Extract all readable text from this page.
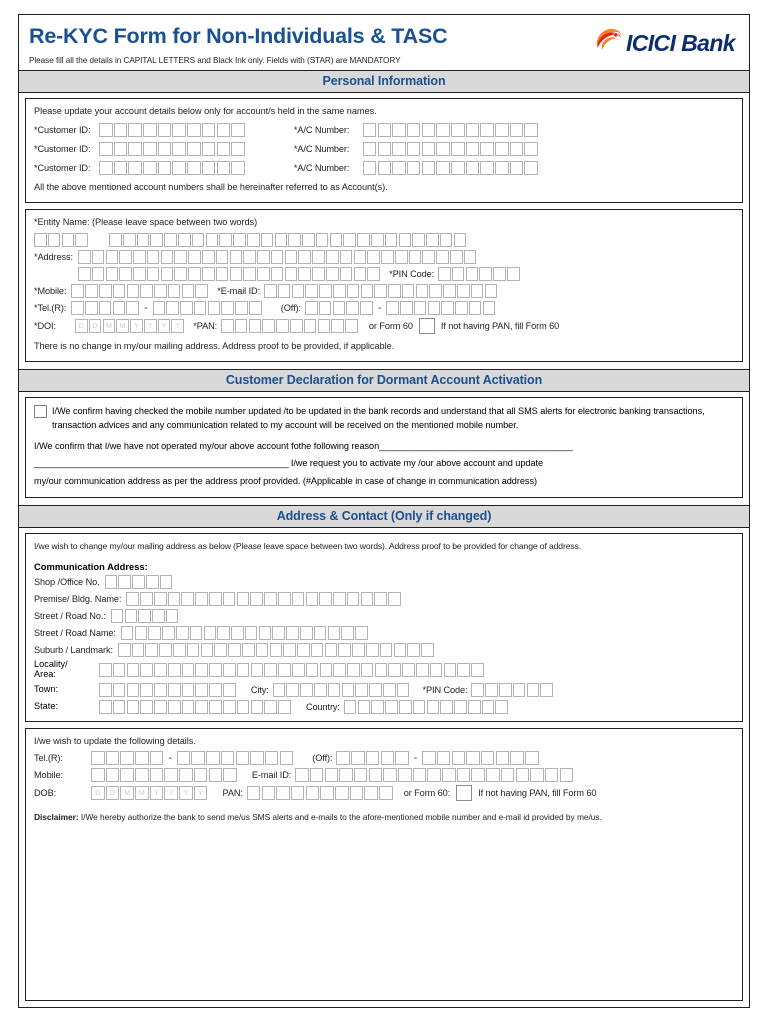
Re-KYC Form for Non-Individuals & TASC
Please fill all the details in CAPITAL LETTERS and Black Ink only. Fields with (STAR) are MANDATORY
ICICI Bank
Personal Information
Please update your account details below only for account/s held in the same names.
*Customer ID:	*A/C Number:
*Customer ID:	*A/C Number:
*Customer ID:	*A/C Number:
All the above mentioned account numbers shall be hereinafter referred to as Account(s).
*Entity Name: (Please leave space between two words)
*Address:
*PIN Code:
*Mobile:	*E-mail ID:
*Tel.(R):	-	(Off):	-
*DOI:	D	D	M	M	Y	Y	Y	Y	*PAN:	or Form 60	If not having PAN, fill Form 60
There is no change in my/our mailing address. Address proof to be provided, if applicable.
Customer Declaration for Dormant Account Activation
I/We confirm having checked the mobile number updated /to be updated in the bank records and understand that all SMS alerts for electronic banking transactions, transaction advices and any communication related to my account will be received on the mentioned mobile number.
I/We confirm that I/we have not operated my/our above account fothe following reason_________________________________________
______________________________________________________ I/we request you to activate my /our above account and update
my/our communication address as per the address proof provided. (#Applicable in case of change in communication address)
Address & Contact (Only if changed)
I/we wish to change my/our mailing address as below (Please leave space between two words). Address proof to be provided for change of address.
Communication Address:
Shop /Office No.
Premise/ Bldg. Name:
Street / Road No.:
Street / Road Name:
Suburb / Landmark:
Locality/
Area:
Town:	City:	*PIN Code:
State:	Country:
I/we wish to update the following details.
Tel.(R):	-	(Off):	-
Mobile:	E-mail ID:
DOB:	D	D	M	M	Y	Y	Y	Y	PAN:	or Form 60:	If not having PAN, fill Form 60
Disclaimer: I/We hereby authorize the bank to send me/us SMS alerts and e-mails to the afore-mentioned mobile number and e-mail id provided by me/us.
